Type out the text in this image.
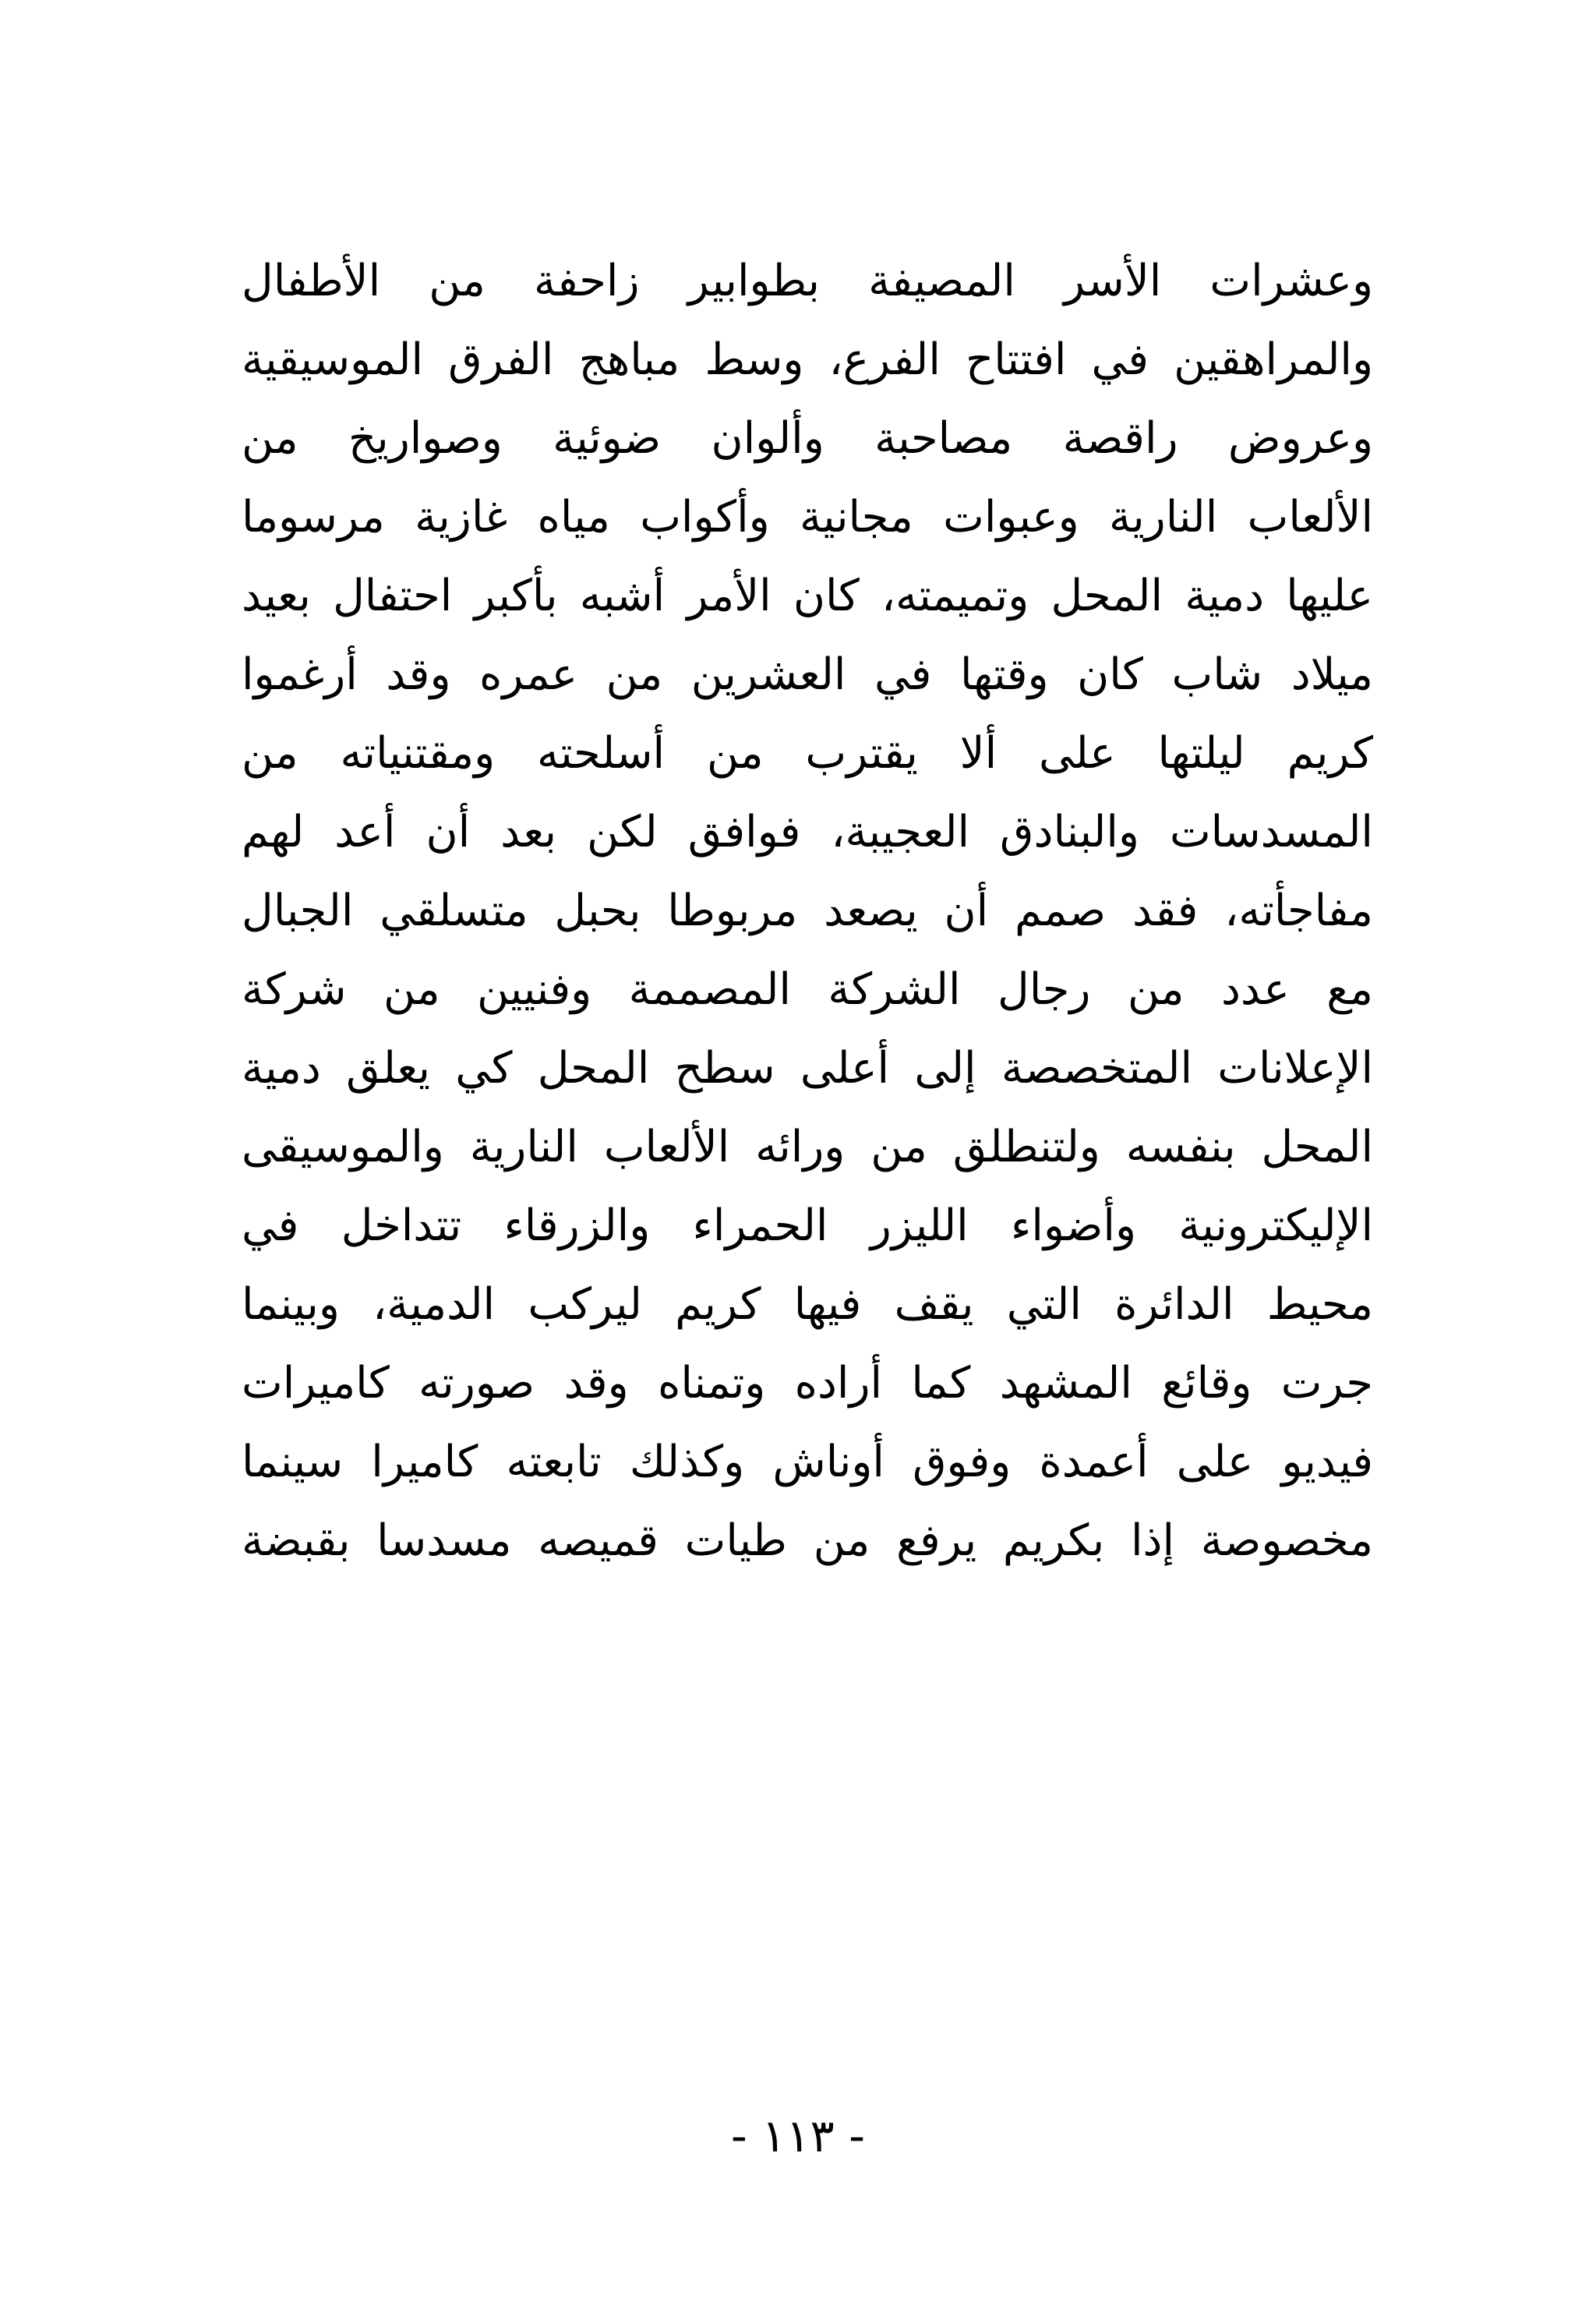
وعشرات الأسر المصيفة بطوابير زاحفة من الأطفال
والمراهقين في افتتاح الفرع، وسط مباهج الفرق الموسيقية
وعروض راقصة مصاحبة وألوان ضوئية وصواريخ من
الألعاب النارية وعبوات مجانية وأكواب مياه غازية مرسوما
عليها دمية المحل وتميمته، كان الأمر أشبه بأكبر احتفال بعيد
ميلاد شاب كان وقتها في العشرين من عمره وقد أرغموا
كريم ليلتها على ألا يقترب من أسلحته ومقتنياته من
المسدسات والبنادق العجيبة، فوافق لكن بعد أن أعد لهم
مفاجأته، فقد صمم أن يصعد مربوطا بحبل متسلقي الجبال
مع عدد من رجال الشركة المصممة وفنيين من شركة
الإعلانات المتخصصة إلى أعلى سطح المحل كي يعلق دمية
المحل بنفسه ولتنطلق من ورائه الألعاب النارية والموسيقى
الإليكترونية وأضواء الليزر الحمراء والزرقاء تتداخل في
محيط الدائرة التي يقف فيها كريم ليركب الدمية، وبينما
جرت وقائع المشهد كما أراده وتمناه وقد صورته كاميرات
فيديو على أعمدة وفوق أوناش وكذلك تابعته كاميرا سينما
مخصوصة إذا بكريم يرفع من طيات قميصه مسدسا بقبضة
- ١١٣ -
